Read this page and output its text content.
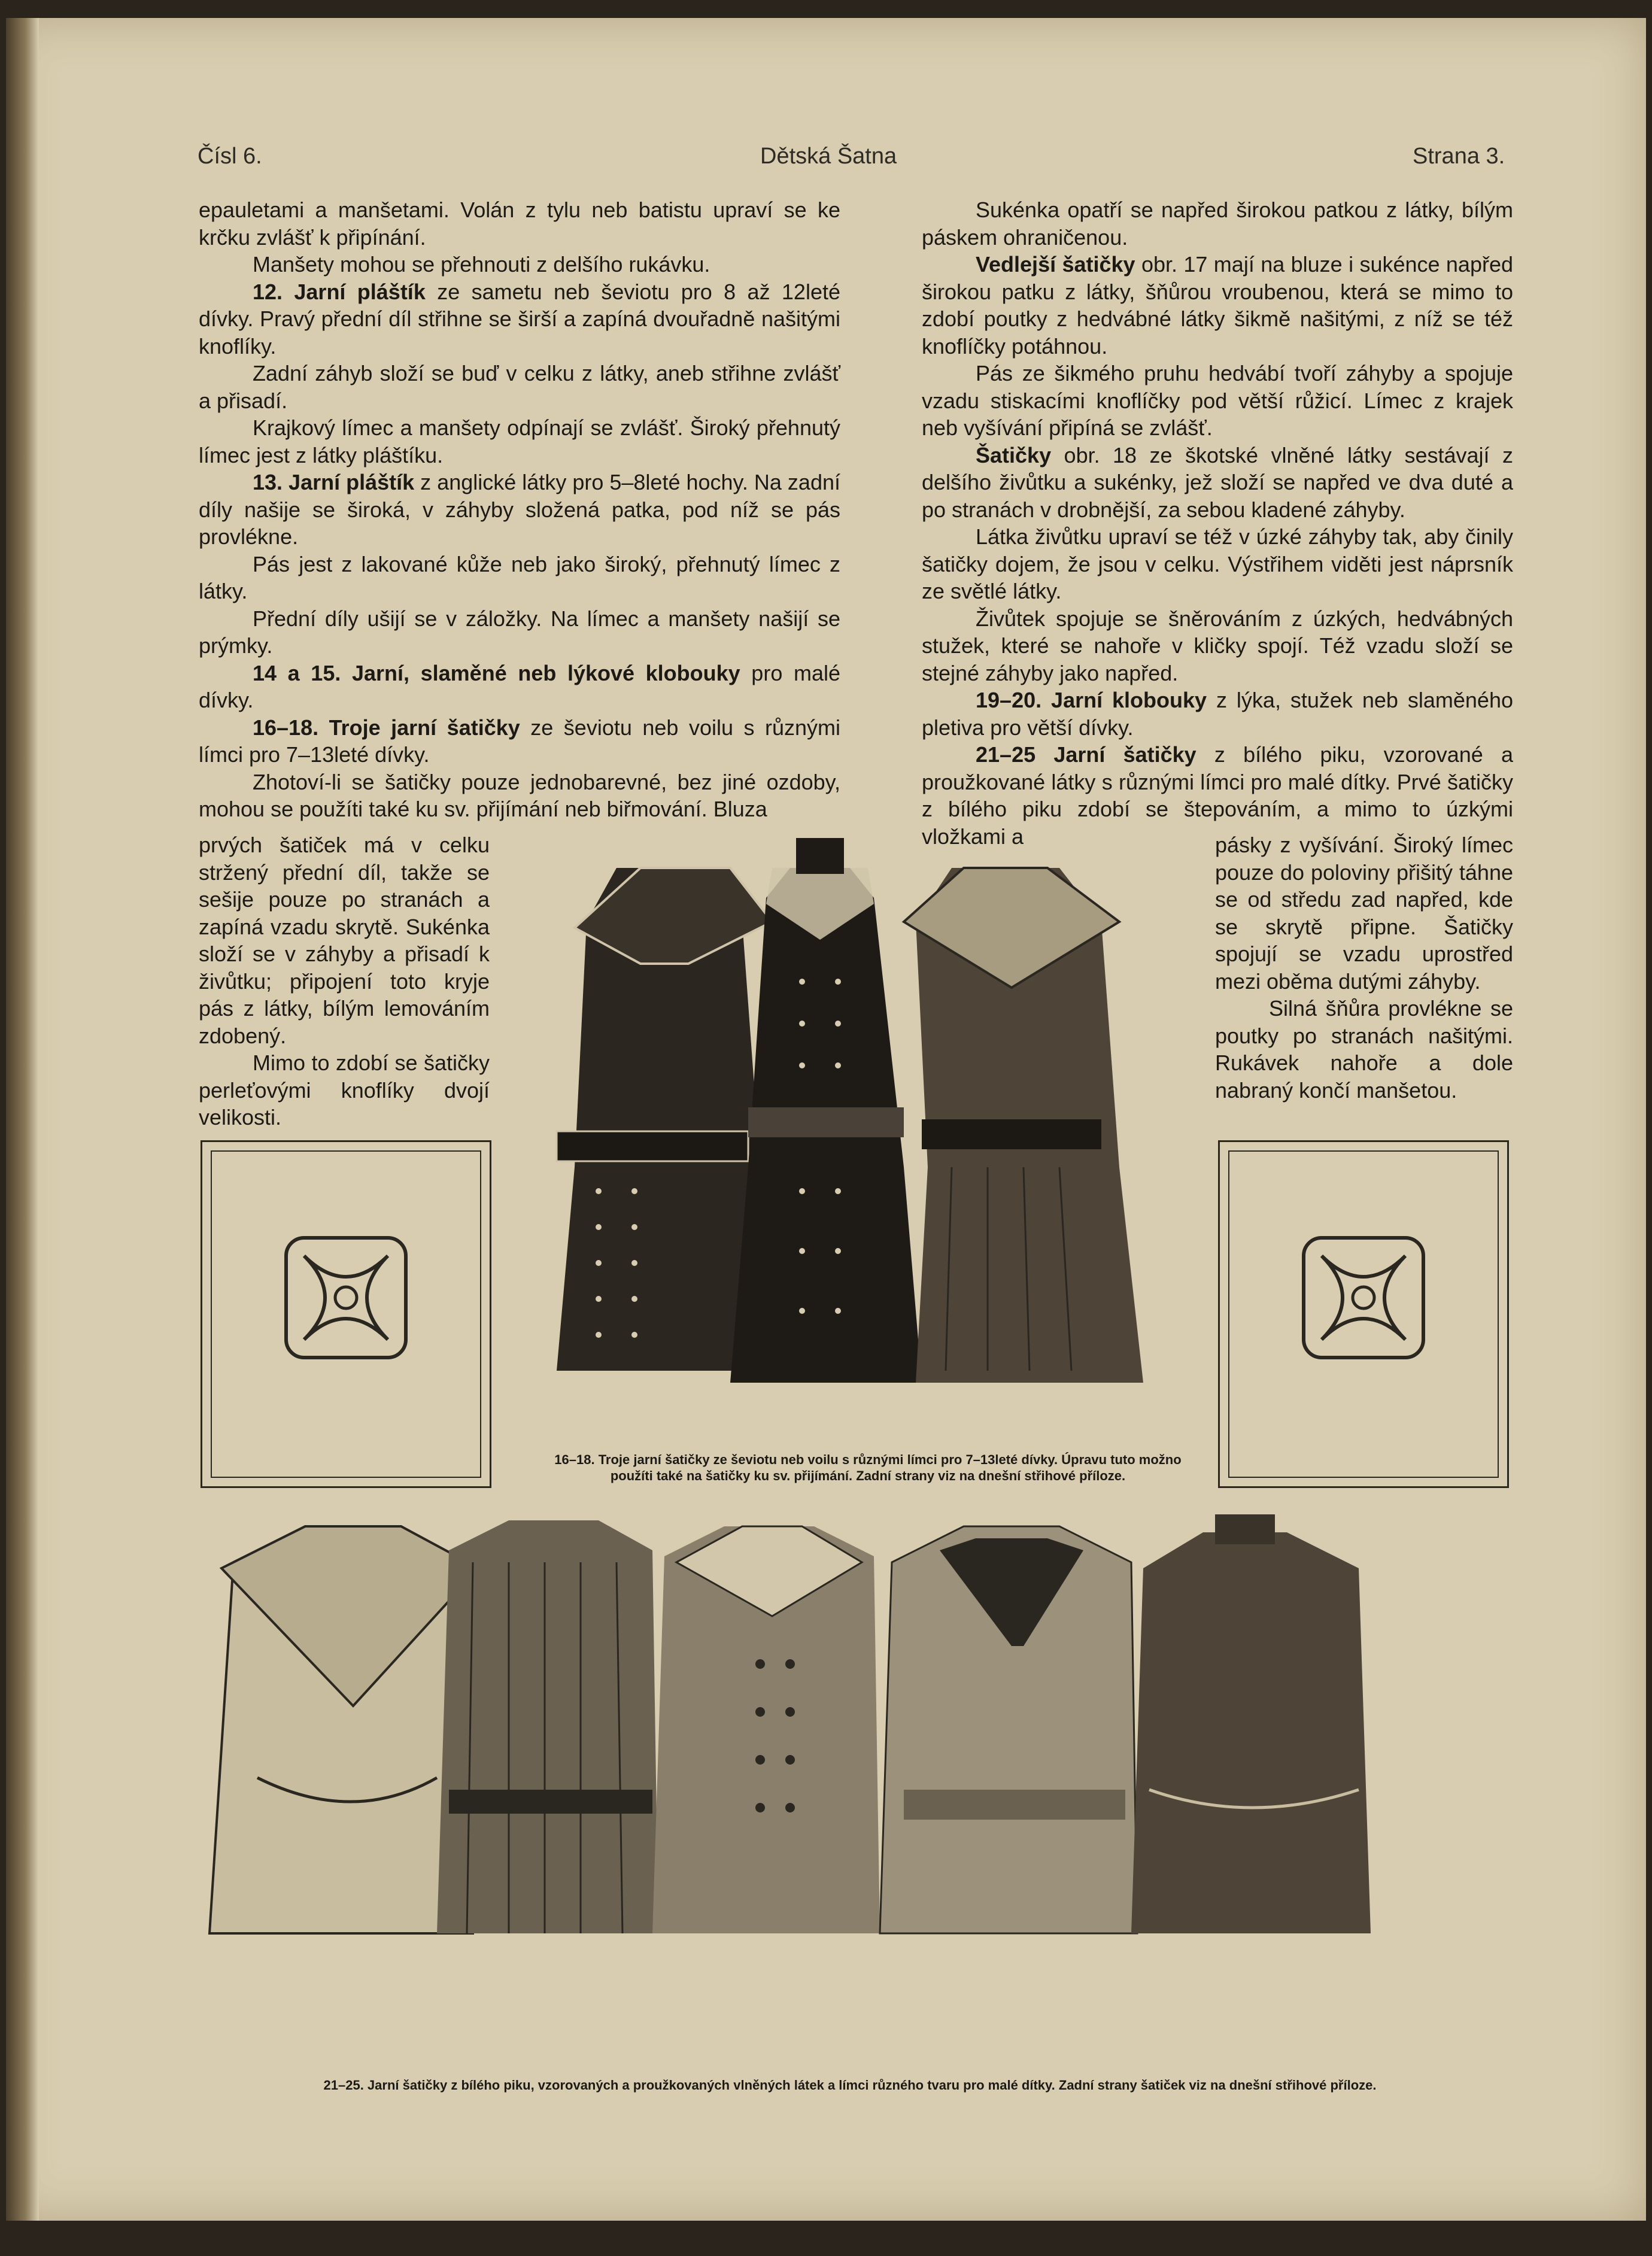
Čísl 6.	Dětská Šatna	Strana 3.

epauletami a manšetami. Volán z tylu neb batistu upraví se ke krčku zvlášť k připínání.

Manšety mohou se přehnouti z delšího rukávku.

12. Jarní pláštík ze sametu neb ševiotu pro 8 až 12leté dívky. Pravý přední díl střihne se širší a zapíná dvouřadně našitými knoflíky.

Zadní záhyb složí se buď v celku z látky, aneb střihne zvlášť a přisadí.

Krajkový límec a manšety odpínají se zvlášť. Široký přehnutý límec jest z látky pláštíku.

13. Jarní pláštík z anglické látky pro 5–8leté hochy. Na zadní díly našije se široká, v záhyby složená patka, pod níž se pás provlékne.

Pás jest z lakované kůže neb jako široký, přehnutý límec z látky.

Přední díly ušijí se v záložky. Na límec a manšety našijí se prýmky.

14 a 15. Jarní, slaměné neb lýkové klobouky pro malé dívky.

16–18. Troje jarní šatičky ze ševiotu neb voilu s různými límci pro 7–13leté dívky.

Zhotoví-li se šatičky pouze jednobarevné, bez jiné ozdoby, mohou se použíti také ku sv. přijímání neb biřmování. Bluza

prvých šatiček má v celku stržený přední díl, takže se sešije pouze po stranách a zapíná vzadu skrytě. Sukénka složí se v záhyby a přisadí k živůtku; připojení toto kryje pás z látky, bílým lemováním zdobený.

Mimo to zdobí se šatičky perleťovými knoflíky dvojí velikosti.

Sukénka opatří se napřed širokou patkou z látky, bílým páskem ohraničenou.

Vedlejší šatičky obr. 17 mají na bluze i sukénce napřed širokou patku z látky, šňůrou vroubenou, která se mimo to zdobí poutky z hedvábné látky šikmě našitými, z níž se též knoflíčky potáhnou.

Pás ze šikmého pruhu hedvábí tvoří záhyby a spojuje vzadu stiskacími knoflíčky pod větší růžicí. Límec z krajek neb vyšívání připíná se zvlášť.

Šatičky obr. 18 ze škotské vlněné látky sestávají z delšího živůtku a sukénky, jež složí se napřed ve dva duté a po stranách v drobnější, za sebou kladené záhyby.

Látka živůtku upraví se též v úzké záhyby tak, aby činily šatičky dojem, že jsou v celku. Výstřihem viděti jest náprsník ze světlé látky.

Živůtek spojuje se šněrováním z úzkých, hedvábných stužek, které se nahoře v kličky spojí. Též vzadu složí se stejné záhyby jako napřed.

19–20. Jarní klobouky z lýka, stužek neb slaměného pletiva pro větší dívky.

21–25 Jarní šatičky z bílého piku, vzorované a proužkované látky s různými límci pro malé dítky. Prvé šatičky z bílého piku zdobí se štepováním, a mimo to úzkými vložkami a	pásky z vyšívání. Široký límec pouze do poloviny přišitý táhne se od středu zad napřed, kde se skrytě připne. Šatičky spojují se vzadu uprostřed mezi oběma dutými záhyby.

Silná šňůra provlékne se poutky po stranách našitými. Rukávek nahoře a dole nabraný končí manšetou.

16–18. Troje jarní šatičky ze ševiotu neb voilu s různými límci pro 7–13leté dívky. Úpravu tuto možno použíti také na šatičky ku sv. přijímání. Zadní strany viz na dnešní střihové příloze.
21–25. Jarní šatičky z bílého piku, vzorovaných a proužkovaných vlněných látek a límci různého tvaru pro malé dítky. Zadní strany šatiček viz na dnešní střihové příloze.
